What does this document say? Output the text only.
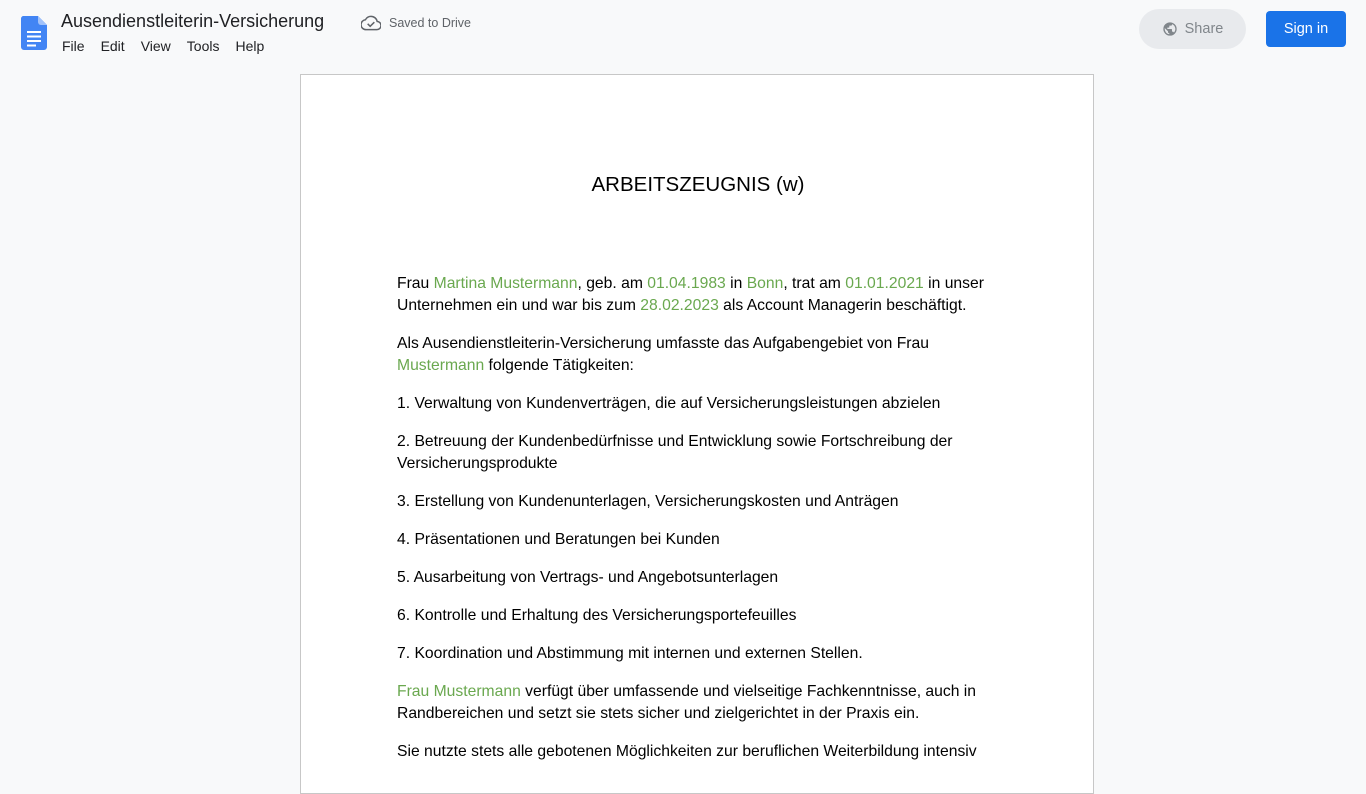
Ausendienstleiterin-Versicherung	Saved to Drive
File	Edit	View	Tools	Help
Share	Sign in
ARBEITSZEUGNIS (w)

Frau Martina Mustermann, geb. am 01.04.1983 in Bonn, trat am 01.01.2021 in unser Unternehmen ein und war bis zum 28.02.2023 als Account Managerin beschäftigt.

Als Ausendienstleiterin-Versicherung umfasste das Aufgabengebiet von Frau Mustermann folgende Tätigkeiten:

1. Verwaltung von Kundenverträgen, die auf Versicherungsleistungen abzielen

2. Betreuung der Kundenbedürfnisse und Entwicklung sowie Fortschreibung der Versicherungsprodukte

3. Erstellung von Kundenunterlagen, Versicherungskosten und Anträgen

4. Präsentationen und Beratungen bei Kunden

5. Ausarbeitung von Vertrags- und Angebotsunterlagen

6. Kontrolle und Erhaltung des Versicherungsportefeuilles

7. Koordination und Abstimmung mit internen und externen Stellen.

Frau Mustermann verfügt über umfassende und vielseitige Fachkenntnisse, auch in Randbereichen und setzt sie stets sicher und zielgerichtet in der Praxis ein.

Sie nutzte stets alle gebotenen Möglichkeiten zur beruflichen Weiterbildung intensiv
